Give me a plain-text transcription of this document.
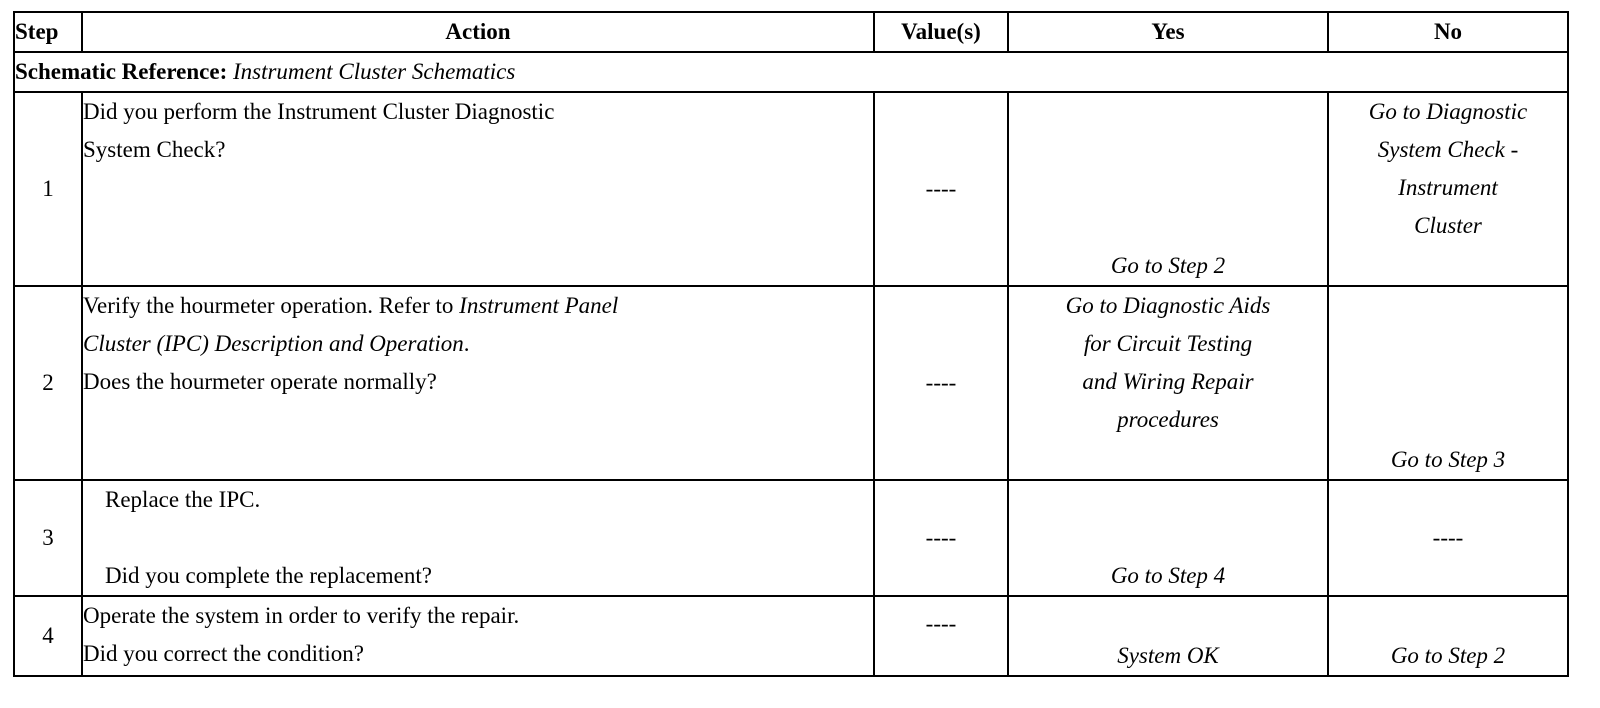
Step	Action	Value(s)	Yes	No
Schematic Reference: Instrument Cluster Schematics				
1	Did you perform the Instrument Cluster Diagnostic
System Check?	----	Go to Step 2	Go to Diagnostic
System Check -
Instrument
Cluster

2	Verify the hourmeter operation. Refer to Instrument Panel
Cluster (IPC) Description and Operation.
Does the hourmeter operate normally?	----	Go to Diagnostic Aids
for Circuit Testing
and Wiring Repair
procedures	Go to Step 3

3	Replace the IPC.
Did you complete the replacement?	----	Go to Step 4	----
4	Operate the system in order to verify the repair.
Did you correct the condition?	----	System OK	Go to Step 2
